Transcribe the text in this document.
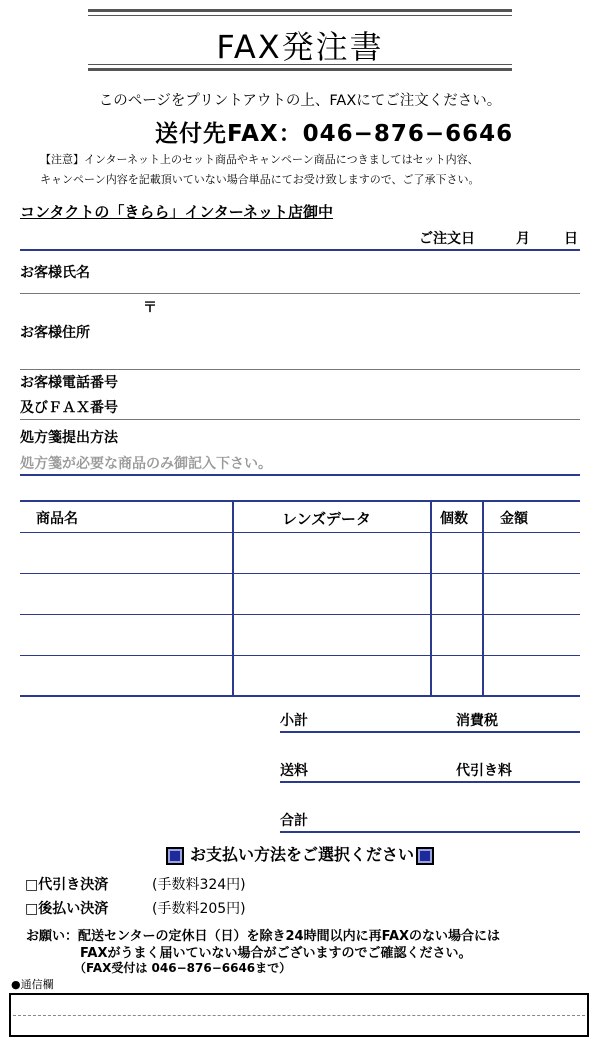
FAX発注書
このページをプリントアウトの上、FAXにてご注文ください。
送付先FAX：046−876−6646
【注意】インターネット上のセット商品やキャンペーン商品につきましてはセット内容、
キャンペーン内容を記載頂いていない場合単品にてお受け致しますので、ご了承下さい。
コンタクトの「きらら」インターネット店御中
ご注文日	月 日
お客様氏名
〒
お客様住所
お客様電話番号
及びＦＡＸ番号
処方箋提出方法
処方箋が必要な商品のみ御記入下さい。
商品名	レンズデータ	個数 金額
小計	消費税
送料	代引き料
合計
お支払い方法をご選択ください
□代引き決済	(手数料324円)
□後払い決済	(手数料205円)
お願い：配送センターの定休日（日）を除き24時間以内に再FAXのない場合には
FAXがうまく届いていない場合がございますのでご確認ください。
（FAX受付は 046−876−6646まで）
●通信欄
